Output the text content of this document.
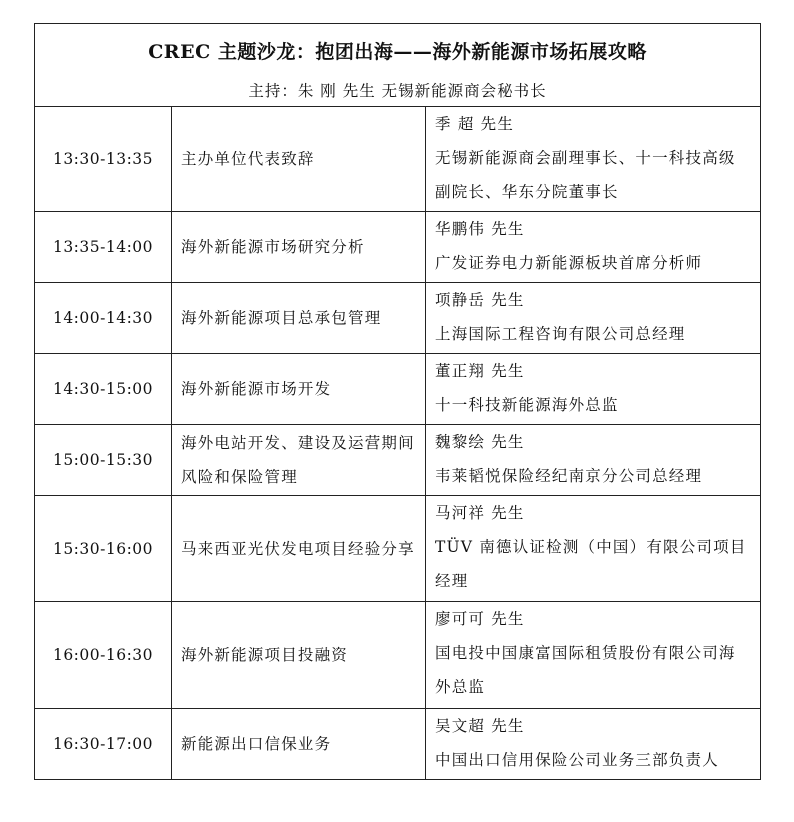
CREC 主题沙龙：抱团出海——海外新能源市场拓展攻略
主持：朱 刚 先生 无锡新能源商会秘书长		

13:30-13:35	主办单位代表致辞	季 超 先生
无锡新能源商会副理事长、十一科技高级副院长、华东分院董事长

13:35-14:00	海外新能源市场研究分析	华鹏伟 先生
广发证券电力新能源板块首席分析师

14:00-14:30	海外新能源项目总承包管理	项静岳 先生
上海国际工程咨询有限公司总经理

14:30-15:00	海外新能源市场开发	董正翔 先生
十一科技新能源海外总监

15:00-15:30	海外电站开发、建设及运营期间风险和保险管理	魏黎绘 先生
韦莱韬悦保险经纪南京分公司总经理

15:30-16:00	马来西亚光伏发电项目经验分享	马河祥 先生
TÜV 南德认证检测（中国）有限公司项目经理

16:00-16:30	海外新能源项目投融资	廖可可 先生
国电投中国康富国际租赁股份有限公司海外总监

16:30-17:00	新能源出口信保业务	吴文超 先生
中国出口信用保险公司业务三部负责人
